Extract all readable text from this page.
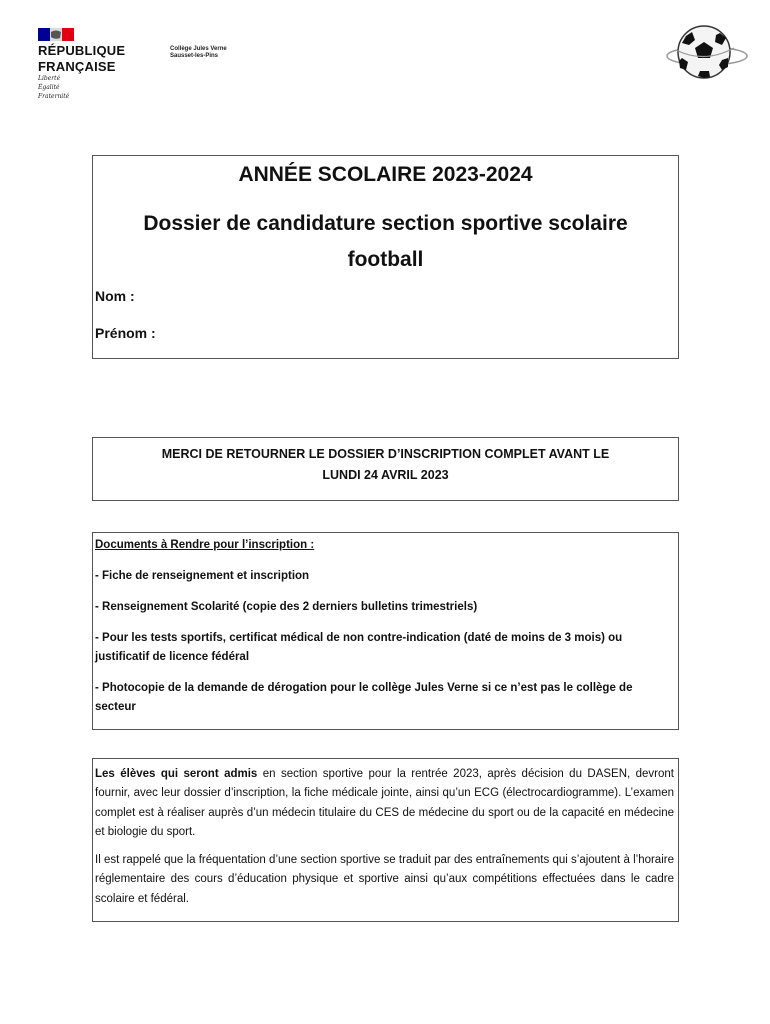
RÉPUBLIQUE
FRANÇAISE
Liberté
Égalité
Fraternité
Collège Jules Verne
Sausset-les-Pins
ANNÉE SCOLAIRE 2023-2024
Dossier de candidature section sportive scolaire football
Nom :
Prénom :
MERCI DE RETOURNER LE DOSSIER D’INSCRIPTION COMPLET AVANT LE
LUNDI 24 AVRIL 2023
Documents à Rendre pour l’inscription :
- Fiche de renseignement et inscription
- Renseignement Scolarité (copie des 2 derniers bulletins trimestriels)
- Pour les tests sportifs, certificat médical de non contre-indication (daté de moins de 3 mois) ou justificatif de licence fédéral
- Photocopie de la demande de dérogation pour le collège Jules Verne si ce n’est pas le collège de secteur
Les élèves qui seront admis en section sportive pour la rentrée 2023, après décision du DASEN, devront fournir, avec leur dossier d’inscription, la fiche médicale jointe, ainsi qu’un ECG (électrocardiogramme). L’examen complet est à réaliser auprès d’un médecin titulaire du CES de médecine du sport ou de la capacité en médecine et biologie du sport.
Il est rappelé que la fréquentation d’une section sportive se traduit par des entraînements qui s’ajoutent à l’horaire réglementaire des cours d’éducation physique et sportive ainsi qu’aux compétitions effectuées dans le cadre scolaire et fédéral.
